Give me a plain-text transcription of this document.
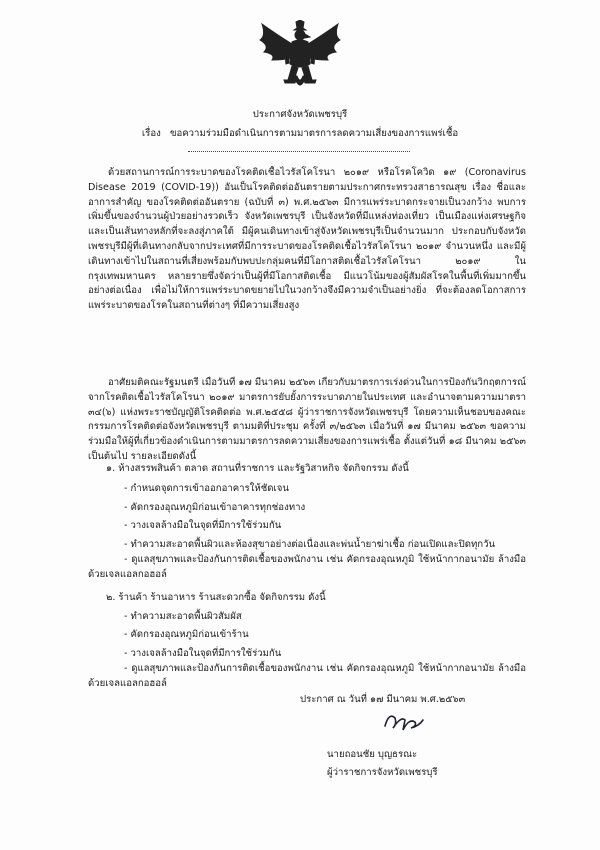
ประกาศจังหวัดเพชรบุรี
เรื่อง ขอความร่วมมือดำเนินการตามมาตรการลดความเสี่ยงของการแพร่เชื้อ
ด้วยสถานการณ์การระบาดของโรคติดเชื้อไวรัสโคโรนา ๒๐๑๙ หรือโรคโควิด ๑๙ (Coronavirus Disease 2019 (COVID-19)) อันเป็นโรคติดต่ออันตรายตามประกาศกระทรวงสาธารณสุข เรื่อง ชื่อและอาการสำคัญ ของโรคติดต่ออันตราย (ฉบับที่ ๓) พ.ศ.๒๕๖๓ มีการแพร่ระบาดกระจายเป็นวงกว้าง พบการเพิ่มขึ้นของจำนวนผู้ป่วยอย่างรวดเร็ว จังหวัดเพชรบุรี เป็นจังหวัดที่มีแหล่งท่องเที่ยว เป็นเมืองแห่งเศรษฐกิจและเป็นเส้นทางหลักที่จะลงสู่ภาคใต้ มีผู้คนเดินทางเข้าสู่จังหวัดเพชรบุรีเป็นจำนวนมาก ประกอบกับจังหวัดเพชรบุรีมีผู้ที่เดินทางกลับจากประเทศที่มีการระบาดของโรคติดเชื้อไวรัสโคโรนา ๒๐๑๙ จำนวนหนึ่ง และมีผู้เดินทางเข้าไปในสถานที่เสี่ยงพร้อมกับพบปะกลุ่มคนที่มีโอกาสติดเชื้อไวรัสโคโรนา ๒๐๑๙ ในกรุงเทพมหานคร หลายรายซึ่งจัดว่าเป็นผู้ที่มีโอกาสติดเชื้อ มีแนวโน้มของผู้สัมผัสโรคในพื้นที่เพิ่มมากขึ้นอย่างต่อเนื่อง เพื่อไม่ให้การแพร่ระบาดขยายไปในวงกว้างจึงมีความจำเป็นอย่างยิ่ง ที่จะต้องลดโอกาสการแพร่ระบาดของโรคในสถานที่ต่างๆ ที่มีความเสี่ยงสูง
อาศัยมติคณะรัฐมนตรี เมื่อวันที่ ๑๗ มีนาคม ๒๕๖๓ เกี่ยวกับมาตรการเร่งด่วนในการป้องกันวิกฤตการณ์จากโรคติดเชื้อไวรัสโคโรนา ๒๐๑๙ มาตรการยับยั้งการระบาดภายในประเทศ และอำนาจตามความมาตรา ๓๔(๖) แห่งพระราชบัญญัติโรคติดต่อ พ.ศ.๒๕๕๘ ผู้ว่าราชการจังหวัดเพชรบุรี โดยความเห็นชอบของคณะกรรมการโรคติดต่อจังหวัดเพชรบุรี ตามมติที่ประชุม ครั้งที่ ๓/๒๕๖๓ เมื่อวันที่ ๑๗ มีนาคม ๒๕๖๓ ขอความร่วมมือให้ผู้ที่เกี่ยวข้องดำเนินการตามมาตรการลดความเสี่ยงของการแพร่เชื้อ ตั้งแต่วันที่ ๑๘ มีนาคม ๒๕๖๓ เป็นต้นไป รายละเอียดดังนี้
๑. ห้างสรรพสินค้า ตลาด สถานที่ราชการ และรัฐวิสาหกิจ จัดกิจกรรม ดังนี้
- กำหนดจุดการเข้าออกอาคารให้ชัดเจน
- คัดกรองอุณหภูมิก่อนเข้าอาคารทุกช่องทาง
- วางเจลล้างมือในจุดที่มีการใช้ร่วมกัน
- ทำความสะอาดพื้นผิวและห้องสุขาอย่างต่อเนื่องและพ่นน้ำยาฆ่าเชื้อ ก่อนเปิดและปิดทุกวัน
- ดูแลสุขภาพและป้องกันการติดเชื้อของพนักงาน เช่น คัดกรองอุณหภูมิ ใช้หน้ากากอนามัย ล้างมือด้วยเจลแอลกอฮอล์
๒. ร้านค้า ร้านอาหาร ร้านสะดวกซื้อ จัดกิจกรรม ดังนี้
- ทำความสะอาดพื้นผิวสัมผัส
- คัดกรองอุณหภูมิก่อนเข้าร้าน
- วางเจลล้างมือในจุดที่มีการใช้ร่วมกัน
- ดูแลสุขภาพและป้องกันการติดเชื้อของพนักงาน เช่น คัดกรองอุณหภูมิ ใช้หน้ากากอนามัย ล้างมือด้วยเจลแอลกอฮอล์
ประกาศ ณ วันที่ ๑๗ มีนาคม พ.ศ.๒๕๖๓
นายถอนชัย บุญธรณะ
ผู้ว่าราชการจังหวัดเพชรบุรี
